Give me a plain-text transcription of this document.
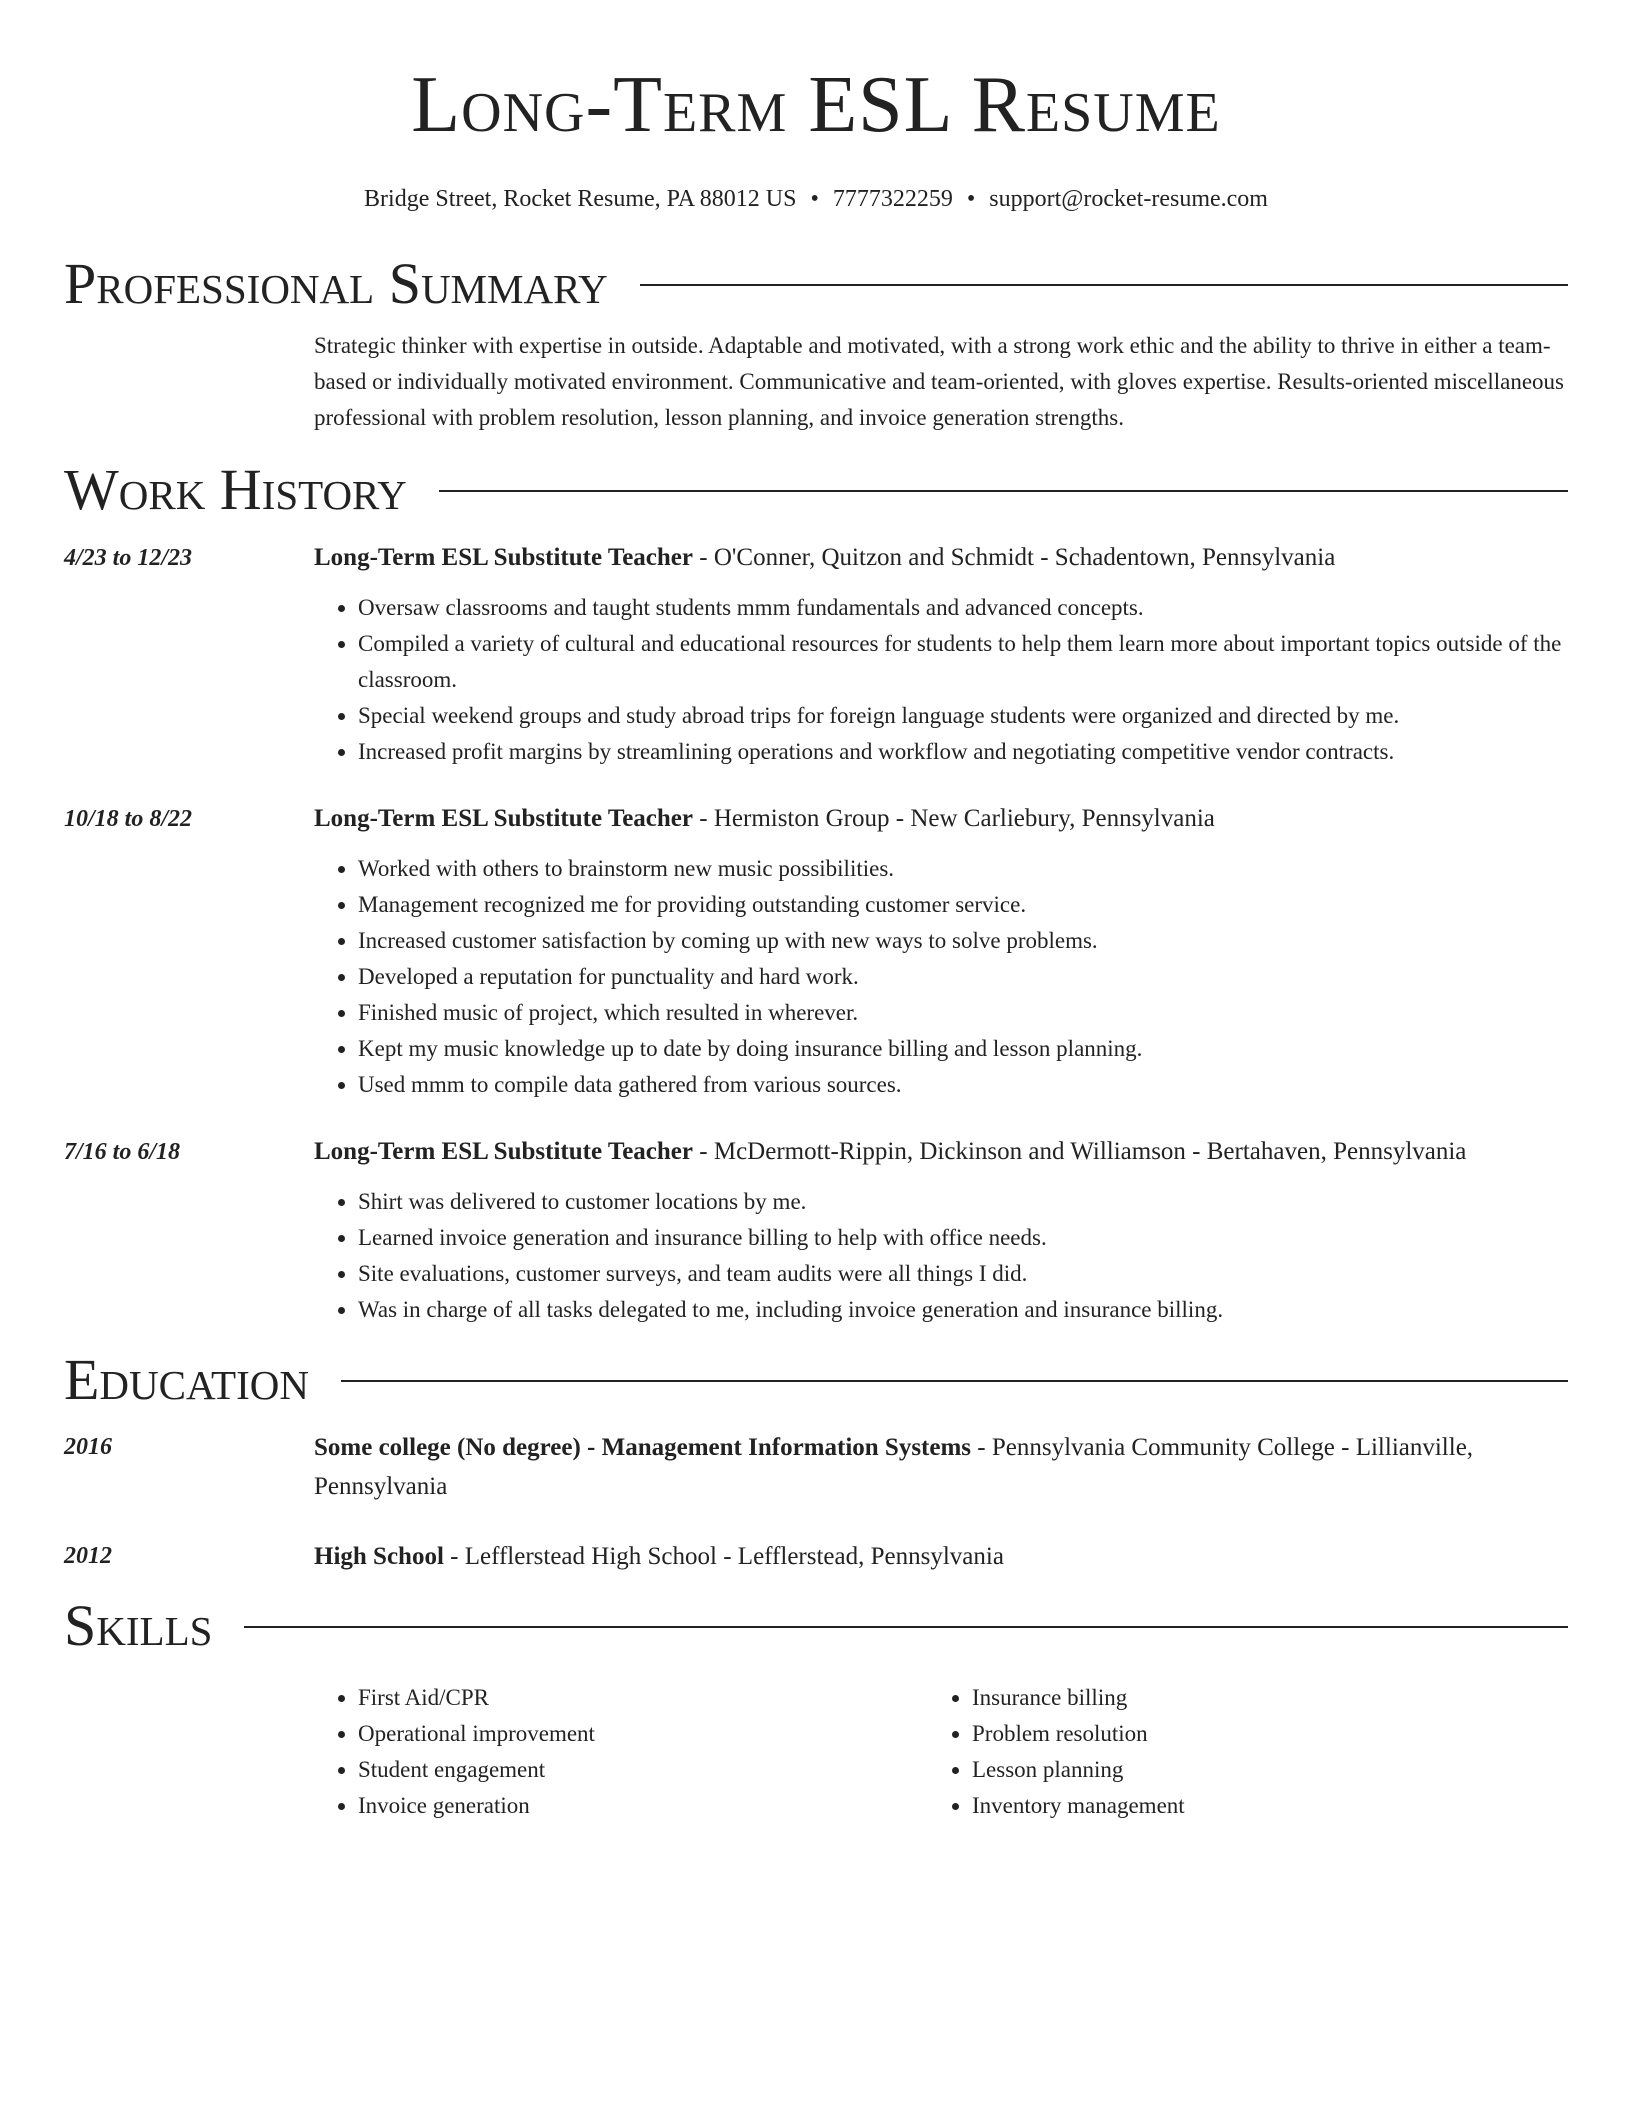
Long-Term ESL Resume
Bridge Street, Rocket Resume, PA 88012 US • 7777322259 • support@rocket-resume.com
Professional Summary
Strategic thinker with expertise in outside. Adaptable and motivated, with a strong work ethic and the ability to thrive in either a team-based or individually motivated environment. Communicative and team-oriented, with gloves expertise. Results-oriented miscellaneous professional with problem resolution, lesson planning, and invoice generation strengths.
Work History
4/23 to 12/23	Long-Term ESL Substitute Teacher - O'Conner, Quitzon and Schmidt - Schadentown, Pennsylvania
• Oversaw classrooms and taught students mmm fundamentals and advanced concepts.
• Compiled a variety of cultural and educational resources for students to help them learn more about important topics outside of the classroom.
• Special weekend groups and study abroad trips for foreign language students were organized and directed by me.
• Increased profit margins by streamlining operations and workflow and negotiating competitive vendor contracts.
10/18 to 8/22	Long-Term ESL Substitute Teacher - Hermiston Group - New Carliebury, Pennsylvania
• Worked with others to brainstorm new music possibilities.
• Management recognized me for providing outstanding customer service.
• Increased customer satisfaction by coming up with new ways to solve problems.
• Developed a reputation for punctuality and hard work.
• Finished music of project, which resulted in wherever.
• Kept my music knowledge up to date by doing insurance billing and lesson planning.
• Used mmm to compile data gathered from various sources.
7/16 to 6/18	Long-Term ESL Substitute Teacher - McDermott-Rippin, Dickinson and Williamson - Bertahaven, Pennsylvania
• Shirt was delivered to customer locations by me.
• Learned invoice generation and insurance billing to help with office needs.
• Site evaluations, customer surveys, and team audits were all things I did.
• Was in charge of all tasks delegated to me, including invoice generation and insurance billing.
Education
2016	Some college (No degree) - Management Information Systems - Pennsylvania Community College - Lillianville, Pennsylvania
2012	High School - Lefflerstead High School - Lefflerstead, Pennsylvania
Skills
• First Aid/CPR
• Operational improvement
• Student engagement
• Invoice generation
• Insurance billing
• Problem resolution
• Lesson planning
• Inventory management
